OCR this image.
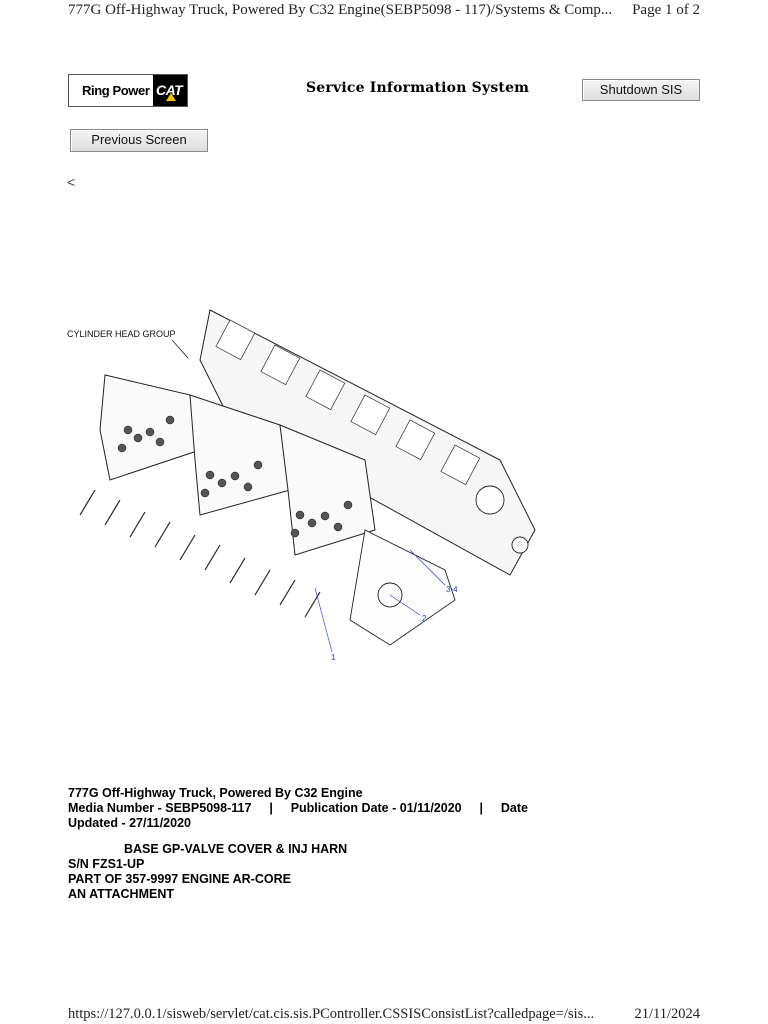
777G Off-Highway Truck, Powered By C32 Engine(SEBP5098 - 117)/Systems & Comp... Page 1 of 2
Ring Power CAT	Service Information System	Shutdown SIS
Previous Screen
<
CYLINDER HEAD GROUP
1
2
3-4
777G Off-Highway Truck, Powered By C32 Engine
Media Number - SEBP5098-117 | Publication Date - 01/11/2020 | Date
Updated - 27/11/2020
BASE GP-VALVE COVER & INJ HARN
S/N FZS1-UP
PART OF 357-9997 ENGINE AR-CORE
AN ATTACHMENT
https://127.0.0.1/sisweb/servlet/cat.cis.sis.PController.CSSISConsistList?calledpage=/sis...	21/11/2024
